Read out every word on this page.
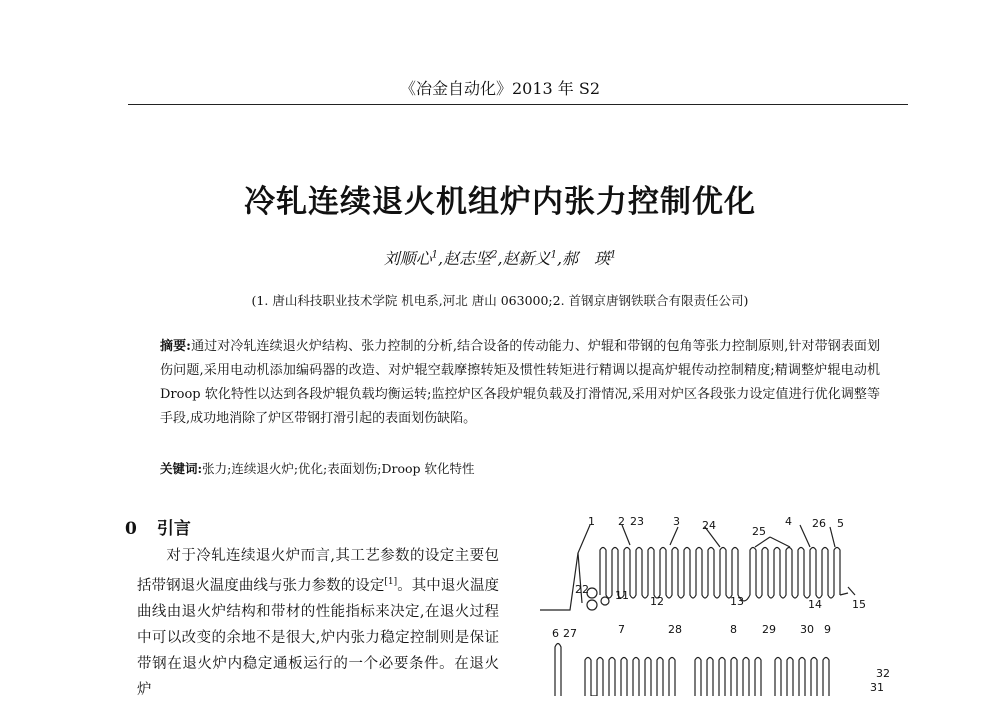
《冶金自动化》2013 年 S2
冷轧连续退火机组炉内张力控制优化
刘顺心$^1$,赵志坚$^2$,赵新义$^1$,郝　瑛$^1$
(1. 唐山科技职业技术学院 机电系,河北 唐山 063000;2. 首钢京唐钢铁联合有限责任公司)
摘要:通过对冷轧连续退火炉结构、张力控制的分析,结合设备的传动能力、炉辊和带钢的包角等张力控制原则,针对带钢表面划伤问题,采用电动机添加编码器的改造、对炉辊空载摩擦转矩及惯性转矩进行精调以提高炉辊传动控制精度;精调整炉辊电动机 Droop 软化特性以达到各段炉辊负载均衡运转;监控炉区各段炉辊负载及打滑情况,采用对炉区各段张力设定值进行优化调整等手段,成功地消除了炉区带钢打滑引起的表面划伤缺陷。
关键词:张力;连续退火炉;优化;表面划伤;Droop 软化特性
0 引言
对于冷轧连续退火炉而言,其工艺参数的设定主要包括带钢退火温度曲线与张力参数的设定[1]。其中退火温度曲线由退火炉结构和带材的性能指标来决定,在退火过程中可以改变的余地不是很大,炉内张力稳定控制则是保证带钢在退火炉内稳定通板运行的一个必要条件。在退火炉
1 2 23	3 24	25
4 26 5
22 11 12	13	14	15
6 27	7	28	8 29 30 9
32
31
